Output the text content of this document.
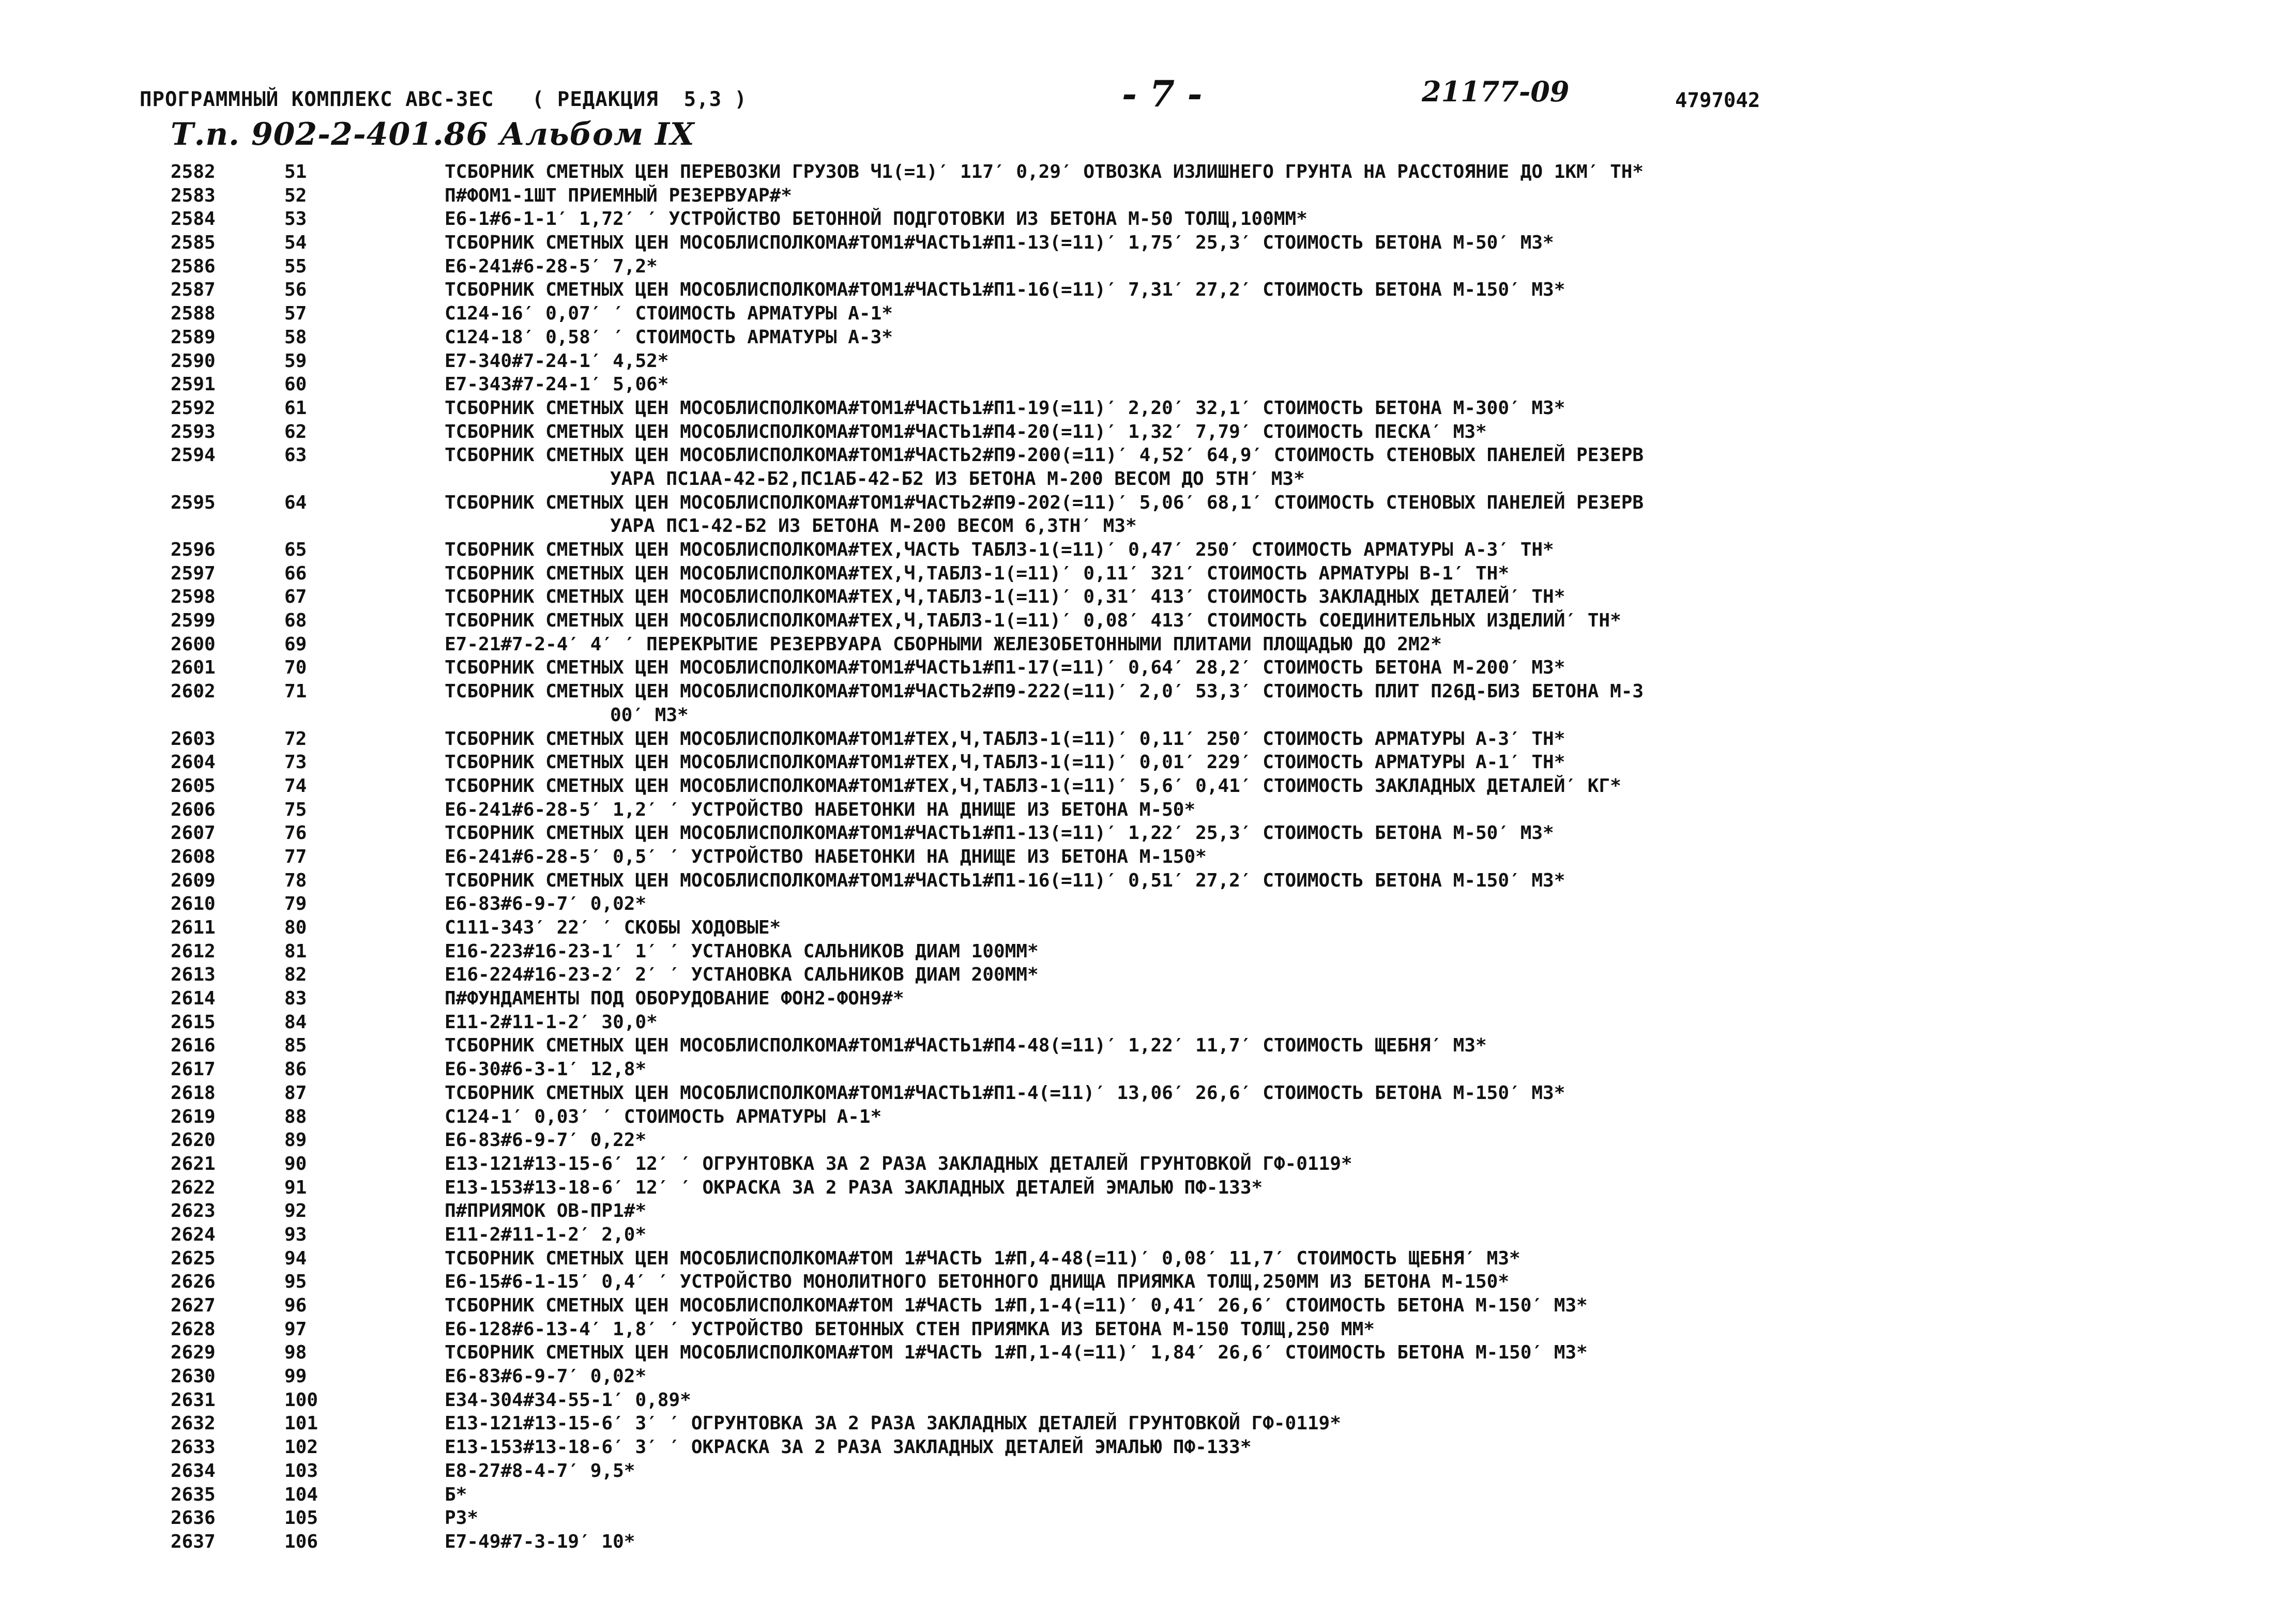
ПРОГРАММНЫЙ КОМПЛЕКС АВС-3ЕС   ( РЕДАКЦИЯ  5,3 )	- 7 -	21177-09	4797042
Т.п. 902-2-401.86 Альбом IX
2582	51	ТСБОРНИК СМЕТНЫХ ЦЕН ПЕРЕВОЗКИ ГРУЗОВ Ч1(=1)′ 117′ 0,29′ ОТВОЗКА ИЗЛИШНЕГО ГРУНТА НА РАССТОЯНИЕ ДО 1КМ′ ТН*
2583	52	П#ФОМ1-1ШТ ПРИЕМНЫЙ РЕЗЕРВУАР#*
2584	53	Е6-1#6-1-1′ 1,72′ ′ УСТРОЙСТВО БЕТОННОЙ ПОДГОТОВКИ ИЗ БЕТОНА М-50 ТОЛЩ,100ММ*
2585	54	ТСБОРНИК СМЕТНЫХ ЦЕН МОСОБЛИСПОЛКОМА#ТОМ1#ЧАСТЬ1#П1-13(=11)′ 1,75′ 25,3′ СТОИМОСТЬ БЕТОНА М-50′ М3*
2586	55	Е6-241#6-28-5′ 7,2*
2587	56	ТСБОРНИК СМЕТНЫХ ЦЕН МОСОБЛИСПОЛКОМА#ТОМ1#ЧАСТЬ1#П1-16(=11)′ 7,31′ 27,2′ СТОИМОСТЬ БЕТОНА М-150′ М3*
2588	57	С124-16′ 0,07′ ′ СТОИМОСТЬ АРМАТУРЫ А-1*
2589	58	С124-18′ 0,58′ ′ СТОИМОСТЬ АРМАТУРЫ А-3*
2590	59	Е7-340#7-24-1′ 4,52*
2591	60	Е7-343#7-24-1′ 5,06*
2592	61	ТСБОРНИК СМЕТНЫХ ЦЕН МОСОБЛИСПОЛКОМА#ТОМ1#ЧАСТЬ1#П1-19(=11)′ 2,20′ 32,1′ СТОИМОСТЬ БЕТОНА М-300′ М3*
2593	62	ТСБОРНИК СМЕТНЫХ ЦЕН МОСОБЛИСПОЛКОМА#ТОМ1#ЧАСТЬ1#П4-20(=11)′ 1,32′ 7,79′ СТОИМОСТЬ ПЕСКА′ М3*
2594	63	ТСБОРНИК СМЕТНЫХ ЦЕН МОСОБЛИСПОЛКОМА#ТОМ1#ЧАСТЬ2#П9-200(=11)′ 4,52′ 64,9′ СТОИМОСТЬ СТЕНОВЫХ ПАНЕЛЕЙ РЕЗЕРВ
УАРА ПС1АА-42-Б2,ПС1АБ-42-Б2 ИЗ БЕТОНА М-200 ВЕСОМ ДО 5ТН′ М3*
2595	64	ТСБОРНИК СМЕТНЫХ ЦЕН МОСОБЛИСПОЛКОМА#ТОМ1#ЧАСТЬ2#П9-202(=11)′ 5,06′ 68,1′ СТОИМОСТЬ СТЕНОВЫХ ПАНЕЛЕЙ РЕЗЕРВ
УАРА ПС1-42-Б2 ИЗ БЕТОНА М-200 ВЕСОМ 6,3ТН′ М3*
2596	65	ТСБОРНИК СМЕТНЫХ ЦЕН МОСОБЛИСПОЛКОМА#ТЕХ,ЧАСТЬ ТАБЛ3-1(=11)′ 0,47′ 250′ СТОИМОСТЬ АРМАТУРЫ А-3′ ТН*
2597	66	ТСБОРНИК СМЕТНЫХ ЦЕН МОСОБЛИСПОЛКОМА#ТЕХ,Ч,ТАБЛ3-1(=11)′ 0,11′ 321′ СТОИМОСТЬ АРМАТУРЫ В-1′ ТН*
2598	67	ТСБОРНИК СМЕТНЫХ ЦЕН МОСОБЛИСПОЛКОМА#ТЕХ,Ч,ТАБЛ3-1(=11)′ 0,31′ 413′ СТОИМОСТЬ ЗАКЛАДНЫХ ДЕТАЛЕЙ′ ТН*
2599	68	ТСБОРНИК СМЕТНЫХ ЦЕН МОСОБЛИСПОЛКОМА#ТЕХ,Ч,ТАБЛ3-1(=11)′ 0,08′ 413′ СТОИМОСТЬ СОЕДИНИТЕЛЬНЫХ ИЗДЕЛИЙ′ ТН*
2600	69	Е7-21#7-2-4′ 4′ ′ ПЕРЕКРЫТИЕ РЕЗЕРВУАРА СБОРНЫМИ ЖЕЛЕЗОБЕТОННЫМИ ПЛИТАМИ ПЛОЩАДЬЮ ДО 2М2*
2601	70	ТСБОРНИК СМЕТНЫХ ЦЕН МОСОБЛИСПОЛКОМА#ТОМ1#ЧАСТЬ1#П1-17(=11)′ 0,64′ 28,2′ СТОИМОСТЬ БЕТОНА М-200′ М3*
2602	71	ТСБОРНИК СМЕТНЫХ ЦЕН МОСОБЛИСПОЛКОМА#ТОМ1#ЧАСТЬ2#П9-222(=11)′ 2,0′ 53,3′ СТОИМОСТЬ ПЛИТ П26Д-БИЗ БЕТОНА М-3
00′ М3*
2603	72	ТСБОРНИК СМЕТНЫХ ЦЕН МОСОБЛИСПОЛКОМА#ТОМ1#ТЕХ,Ч,ТАБЛ3-1(=11)′ 0,11′ 250′ СТОИМОСТЬ АРМАТУРЫ А-3′ ТН*
2604	73	ТСБОРНИК СМЕТНЫХ ЦЕН МОСОБЛИСПОЛКОМА#ТОМ1#ТЕХ,Ч,ТАБЛ3-1(=11)′ 0,01′ 229′ СТОИМОСТЬ АРМАТУРЫ А-1′ ТН*
2605	74	ТСБОРНИК СМЕТНЫХ ЦЕН МОСОБЛИСПОЛКОМА#ТОМ1#ТЕХ,Ч,ТАБЛ3-1(=11)′ 5,6′ 0,41′ СТОИМОСТЬ ЗАКЛАДНЫХ ДЕТАЛЕЙ′ КГ*
2606	75	Е6-241#6-28-5′ 1,2′ ′ УСТРОЙСТВО НАБЕТОНКИ НА ДНИЩЕ ИЗ БЕТОНА М-50*
2607	76	ТСБОРНИК СМЕТНЫХ ЦЕН МОСОБЛИСПОЛКОМА#ТОМ1#ЧАСТЬ1#П1-13(=11)′ 1,22′ 25,3′ СТОИМОСТЬ БЕТОНА М-50′ М3*
2608	77	Е6-241#6-28-5′ 0,5′ ′ УСТРОЙСТВО НАБЕТОНКИ НА ДНИЩЕ ИЗ БЕТОНА М-150*
2609	78	ТСБОРНИК СМЕТНЫХ ЦЕН МОСОБЛИСПОЛКОМА#ТОМ1#ЧАСТЬ1#П1-16(=11)′ 0,51′ 27,2′ СТОИМОСТЬ БЕТОНА М-150′ М3*
2610	79	Е6-83#6-9-7′ 0,02*
2611	80	С111-343′ 22′ ′ СКОБЫ ХОДОВЫЕ*
2612	81	Е16-223#16-23-1′ 1′ ′ УСТАНОВКА САЛЬНИКОВ ДИАМ 100ММ*
2613	82	Е16-224#16-23-2′ 2′ ′ УСТАНОВКА САЛЬНИКОВ ДИАМ 200ММ*
2614	83	П#ФУНДАМЕНТЫ ПОД ОБОРУДОВАНИЕ ФОН2-ФОН9#*
2615	84	Е11-2#11-1-2′ 30,0*
2616	85	ТСБОРНИК СМЕТНЫХ ЦЕН МОСОБЛИСПОЛКОМА#ТОМ1#ЧАСТЬ1#П4-48(=11)′ 1,22′ 11,7′ СТОИМОСТЬ ЩЕБНЯ′ М3*
2617	86	Е6-30#6-3-1′ 12,8*
2618	87	ТСБОРНИК СМЕТНЫХ ЦЕН МОСОБЛИСПОЛКОМА#ТОМ1#ЧАСТЬ1#П1-4(=11)′ 13,06′ 26,6′ СТОИМОСТЬ БЕТОНА М-150′ М3*
2619	88	С124-1′ 0,03′ ′ СТОИМОСТЬ АРМАТУРЫ А-1*
2620	89	Е6-83#6-9-7′ 0,22*
2621	90	Е13-121#13-15-6′ 12′ ′ ОГРУНТОВКА ЗА 2 РАЗА ЗАКЛАДНЫХ ДЕТАЛЕЙ ГРУНТОВКОЙ ГФ-0119*
2622	91	Е13-153#13-18-6′ 12′ ′ ОКРАСКА ЗА 2 РАЗА ЗАКЛАДНЫХ ДЕТАЛЕЙ ЭМАЛЬЮ ПФ-133*
2623	92	П#ПРИЯМОК ОВ-ПР1#*
2624	93	Е11-2#11-1-2′ 2,0*
2625	94	ТСБОРНИК СМЕТНЫХ ЦЕН МОСОБЛИСПОЛКОМА#ТОМ 1#ЧАСТЬ 1#П,4-48(=11)′ 0,08′ 11,7′ СТОИМОСТЬ ЩЕБНЯ′ М3*
2626	95	Е6-15#6-1-15′ 0,4′ ′ УСТРОЙСТВО МОНОЛИТНОГО БЕТОННОГО ДНИЩА ПРИЯМКА ТОЛЩ,250ММ ИЗ БЕТОНА М-150*
2627	96	ТСБОРНИК СМЕТНЫХ ЦЕН МОСОБЛИСПОЛКОМА#ТОМ 1#ЧАСТЬ 1#П,1-4(=11)′ 0,41′ 26,6′ СТОИМОСТЬ БЕТОНА М-150′ М3*
2628	97	Е6-128#6-13-4′ 1,8′ ′ УСТРОЙСТВО БЕТОННЫХ СТЕН ПРИЯМКА ИЗ БЕТОНА М-150 ТОЛЩ,250 ММ*
2629	98	ТСБОРНИК СМЕТНЫХ ЦЕН МОСОБЛИСПОЛКОМА#ТОМ 1#ЧАСТЬ 1#П,1-4(=11)′ 1,84′ 26,6′ СТОИМОСТЬ БЕТОНА М-150′ М3*
2630	99	Е6-83#6-9-7′ 0,02*
2631	100	Е34-304#34-55-1′ 0,89*
2632	101	Е13-121#13-15-6′ 3′ ′ ОГРУНТОВКА ЗА 2 РАЗА ЗАКЛАДНЫХ ДЕТАЛЕЙ ГРУНТОВКОЙ ГФ-0119*
2633	102	Е13-153#13-18-6′ 3′ ′ ОКРАСКА ЗА 2 РАЗА ЗАКЛАДНЫХ ДЕТАЛЕЙ ЭМАЛЬЮ ПФ-133*
2634	103	Е8-27#8-4-7′ 9,5*
2635	104	Б*
2636	105	Р3*
2637	106	Е7-49#7-3-19′ 10*
